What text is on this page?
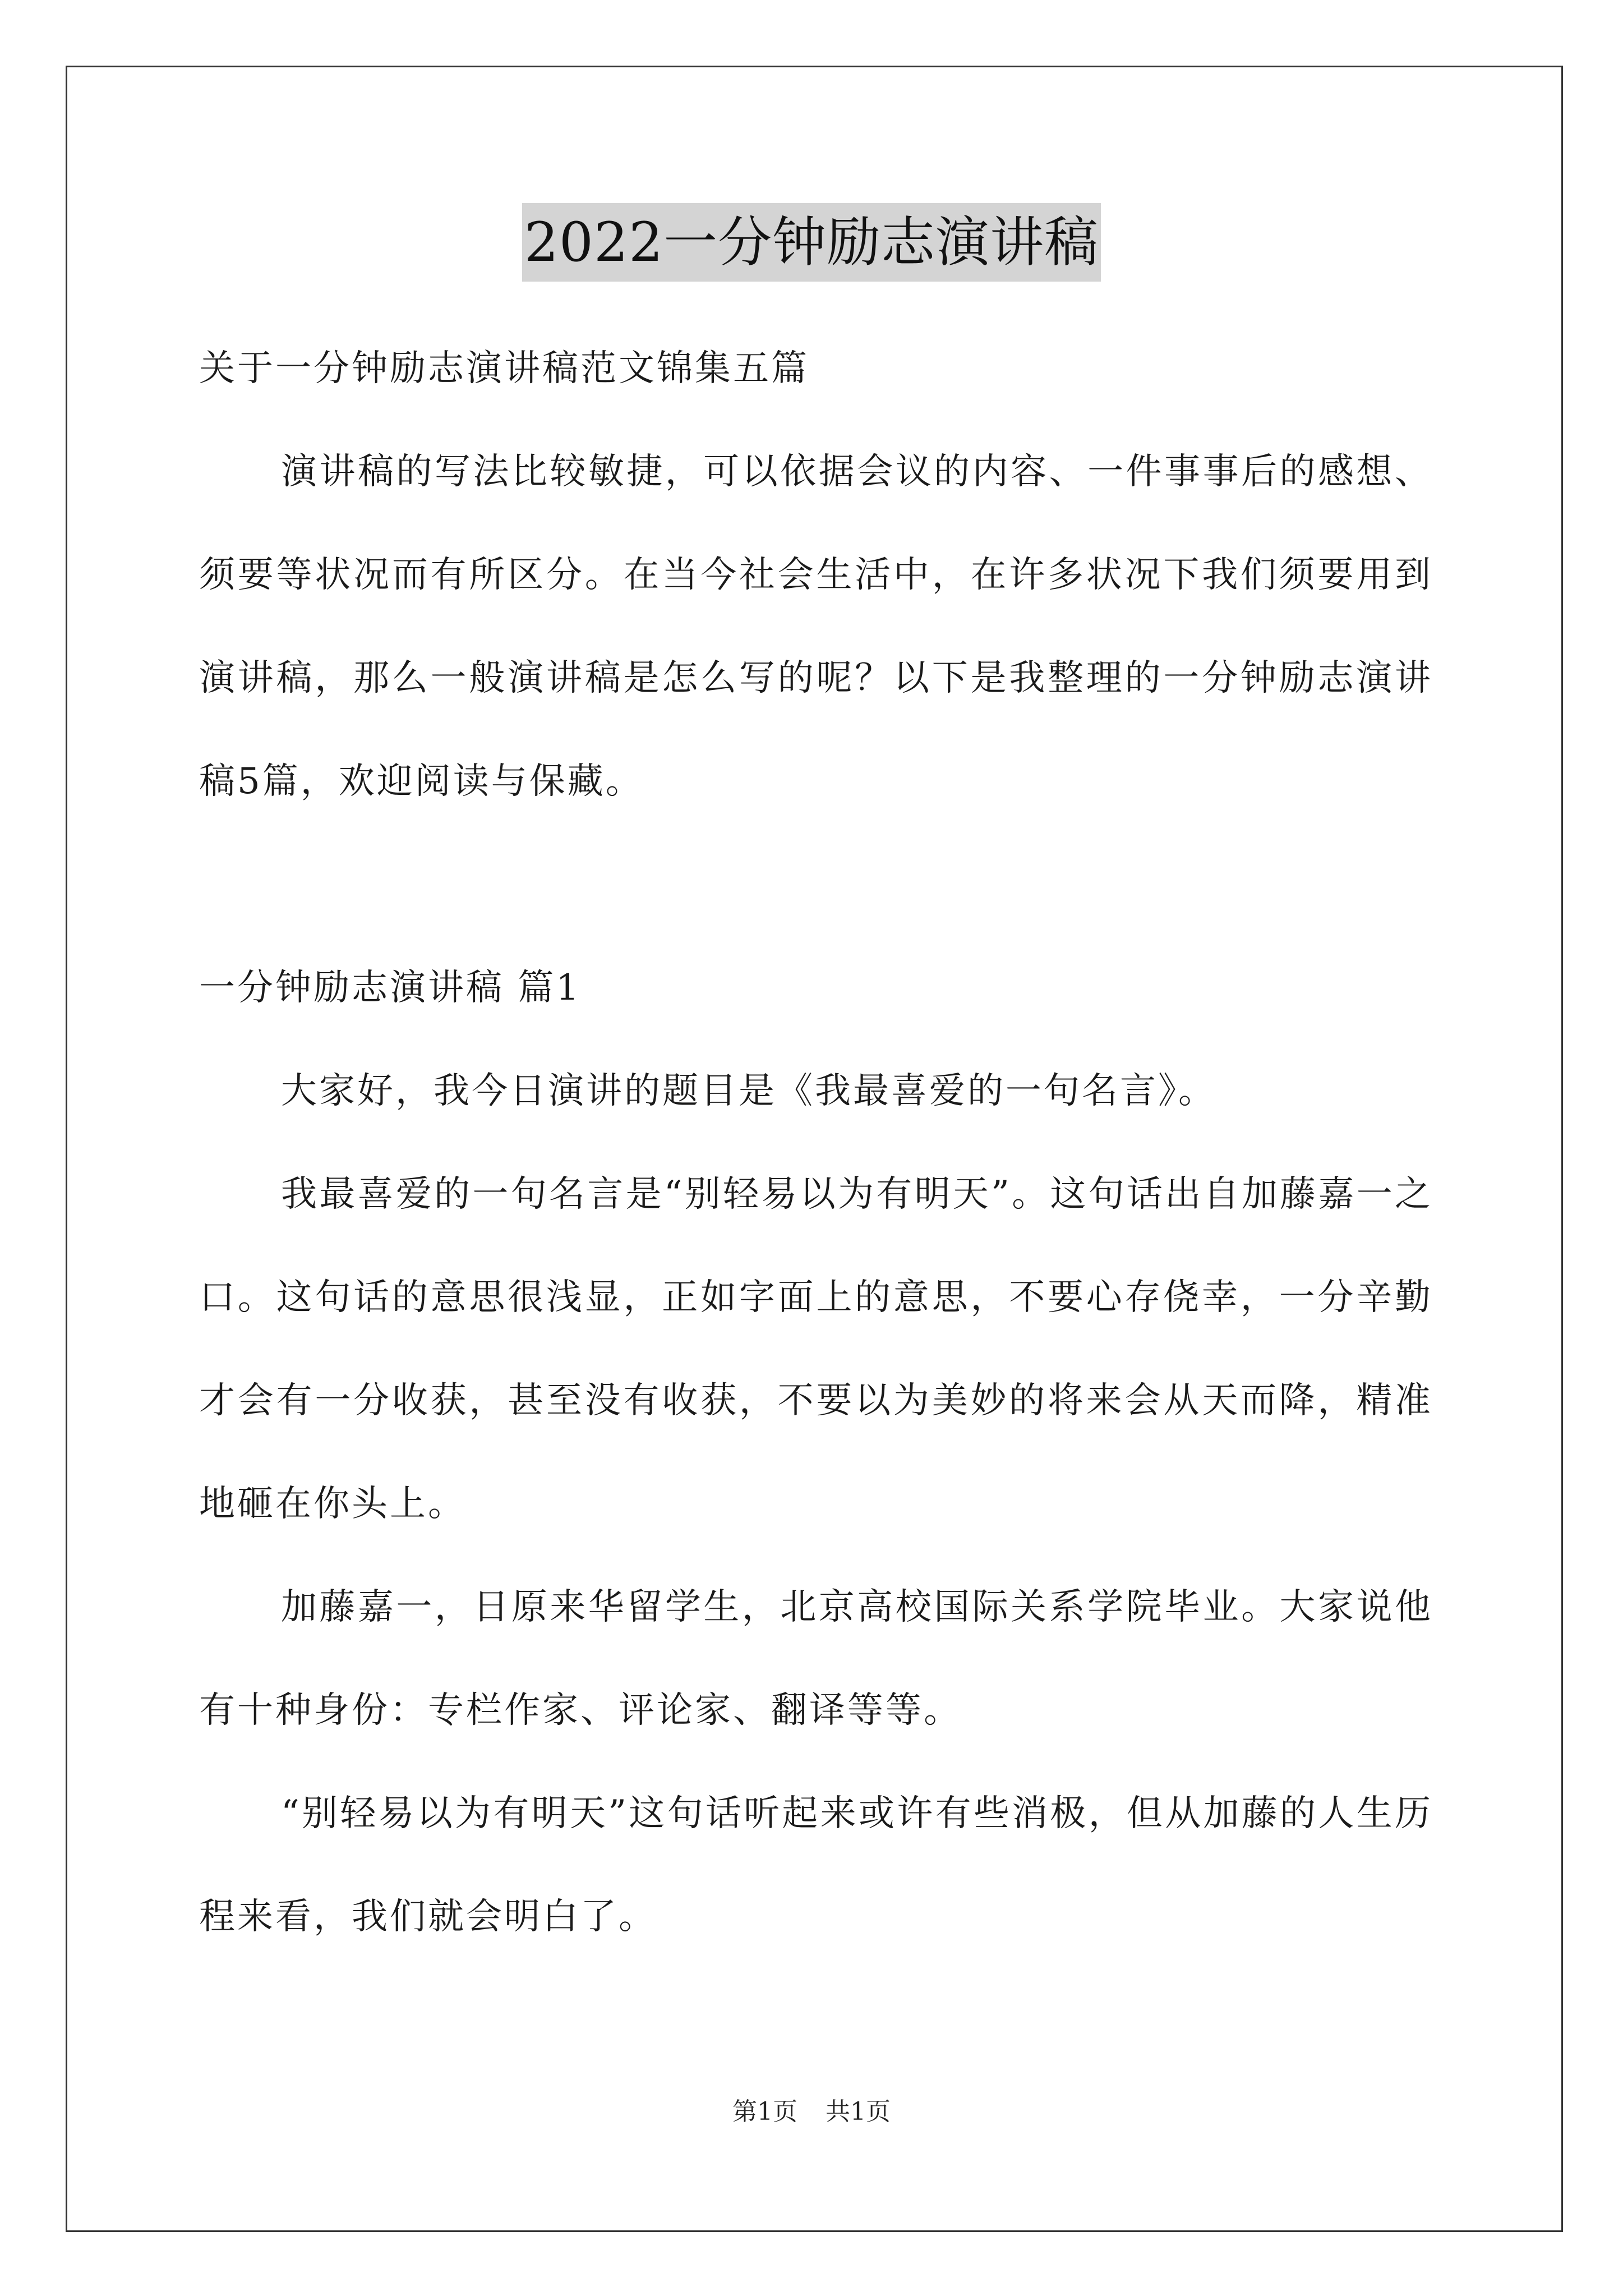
2022一分钟励志演讲稿
关于一分钟励志演讲稿范文锦集五篇

演讲稿的写法比较敏捷，可以依据会议的内容、一件事事后的感想、须要等状况而有所区分。在当今社会生活中，在许多状况下我们须要用到演讲稿，那么一般演讲稿是怎么写的呢？以下是我整理的一分钟励志演讲稿5篇，欢迎阅读与保藏。

一分钟励志演讲稿 篇1

大家好，我今日演讲的题目是《我最喜爱的一句名言》。

我最喜爱的一句名言是“别轻易以为有明天”。这句话出自加藤嘉一之口。这句话的意思很浅显，正如字面上的意思，不要心存侥幸，一分辛勤才会有一分收获，甚至没有收获，不要以为美妙的将来会从天而降，精准地砸在你头上。

加藤嘉一，日原来华留学生，北京高校国际关系学院毕业。大家说他有十种身份：专栏作家、评论家、翻译等等。

“别轻易以为有明天”这句话听起来或许有些消极，但从加藤的人生历程来看，我们就会明白了。

第1页 共1页
